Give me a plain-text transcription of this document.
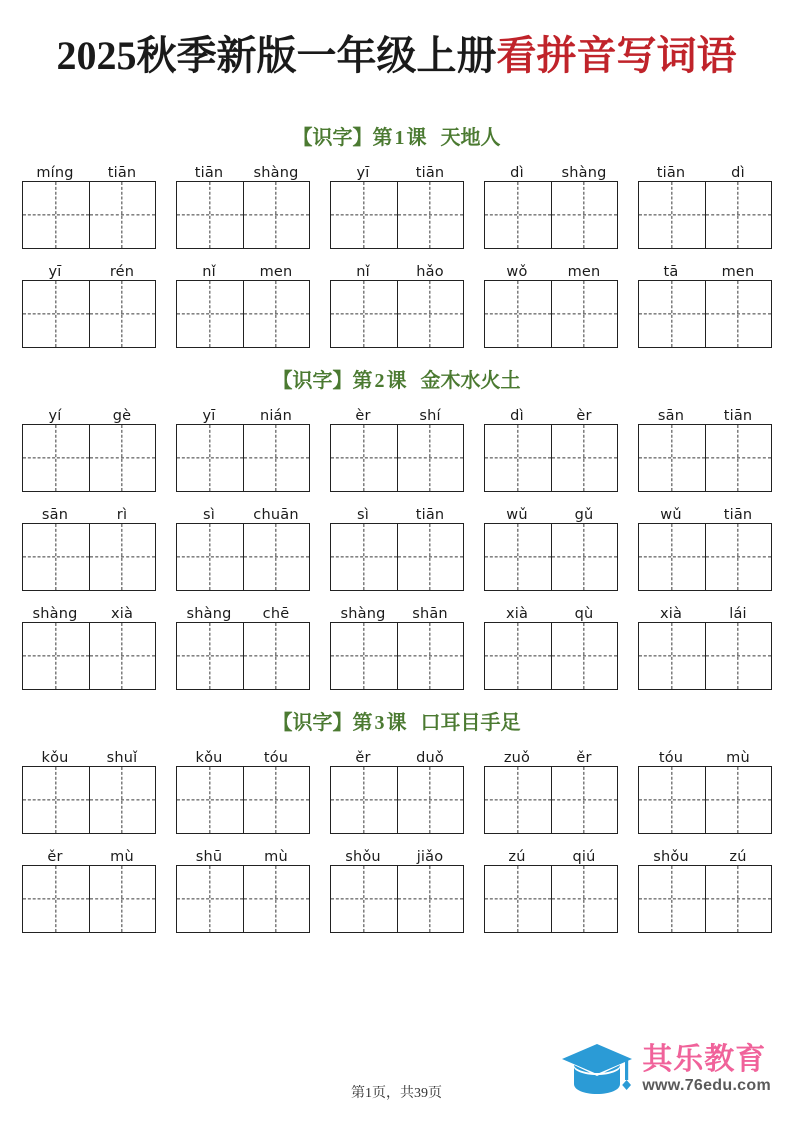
2025秋季新版一年级上册看拼音写词语
【识字】第 1 课 天地人
míng	tiān	tiān	shàng	yī	tiān	dì	shàng	tiān	dì
yī	rén	nǐ	men	nǐ	hǎo	wǒ	men	tā	men
【识字】第 2 课 金木水火土
yí	gè	yī	nián	èr	shí	dì	èr	sān	tiān
sān	rì	sì	chuān	sì	tiān	wǔ	gǔ	wǔ	tiān
shàng	xià	shàng	chē	shàng	shān	xià	qù	xià	lái
【识字】第 3 课 口耳目手足
kǒu	shuǐ	kǒu	tóu	ěr	duǒ	zuǒ	ěr	tóu	mù
ěr	mù	shū	mù	shǒu	jiǎo	zú	qiú	shǒu	zú
第1页，共39页
其乐教育
www.76edu.com
